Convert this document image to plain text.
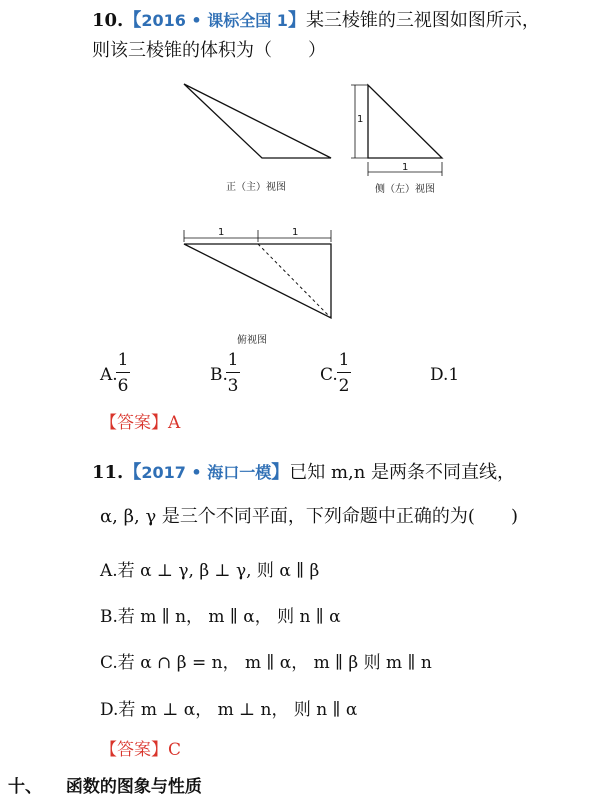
10.【2016 • 课标全国 1】某三棱锥的三视图如图所示，
则该三棱锥的体积为（　　）
1
1
1	1
正（主）视图	侧（左）视图
俯视图
A.
1
6
B.
1
3
C.
1
2
D.1
【答案】A
11.【2017 • 海口一模】已知 m,n 是两条不同直线，
α, β, γ 是三个不同平面，下列命题中正确的为(　　)
A.若 α ⊥ γ, β ⊥ γ, 则 α ∥ β
B.若 m ∥ n， m ∥ α， 则 n ∥ α
C.若 α ∩ β = n， m ∥ α， m ∥ β 则 m ∥ n
D.若 m ⊥ α， m ⊥ n， 则 n ∥ α
【答案】C
十、 函数的图象与性质
